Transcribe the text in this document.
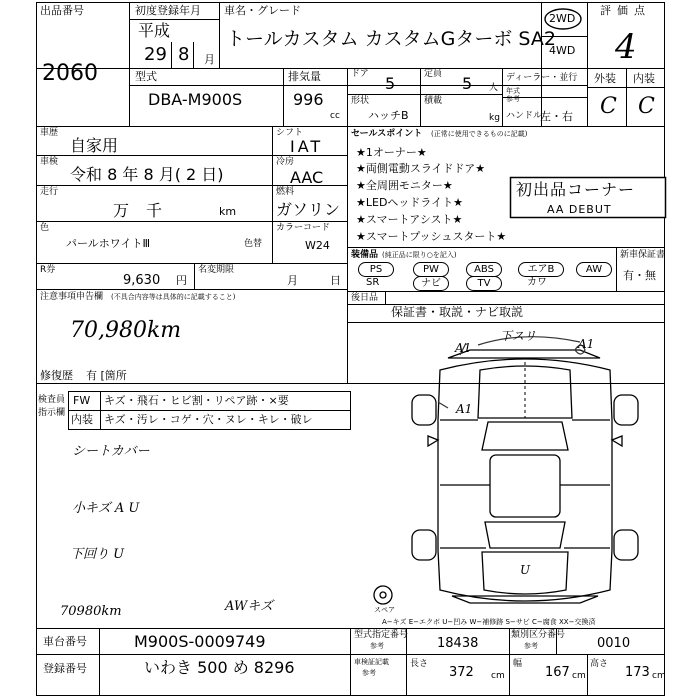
出品番号
2060
初度登録年月
平成
29 8 月
車名・グレード
トールカスタム カスタムGターボ SA2
2WD
4WD
評価点
4
型式
DBA-M900S
排気量
996
cc
ドア 5	定員 5 人
形状
ハッチB
積載
kg
ディーラー・並行
年式 参考
ハンドル
左・右
外装 内装
C C
車歴
自家用
シフト
IAT
車検
令和 8 年 8 月( 2 日)
冷房
AAC
走行
万 千	km
燃料
ガソリン
色
パールホワイトⅢ	色替
カラーコード
W24
R券
9,630 円
名変期限
月	日
注意事項申告欄 (不具合内容等は具体的に記載すること)
70,980km
修復歴 有 [箇所
セールスポイント (正常に使用できるものに記載)
★1オーナー★
★両側電動スライドドア★
★全周囲モニター★
★LEDヘッドライト★
★スマートアシスト★
★スマートプッシュスタート★
初出品コーナー
AA DEBUT
装備品 (純正品に限り○を記入)
PS	PW	ABS	エアB	AW
SR	ナビ	TV	カワ
新車保証書
有・無
後日品
保証書・取説・ナビ取説
A1
下スリ
A1
A1
U
スペア
A−キズ E−エクボ U−凹み W−補修跡 S−サビ C−腐食 XX−交換済
検査員
指示欄
FW キズ・飛石・ヒビ割・リペア跡・×要
内装 キズ・汚レ・コゲ・穴・ヌレ・キレ・破レ
シートカバー
小キズ A U
下回り U
70980km	AWキズ
車台番号	M900S-0009749	型式指定番号
参考	18438
類別区分番号
参考	0010
登録番号	いわき 500 め 8296	車検証記載
参考
長さ
372 cm
幅
167 cm
高さ
173 cm
